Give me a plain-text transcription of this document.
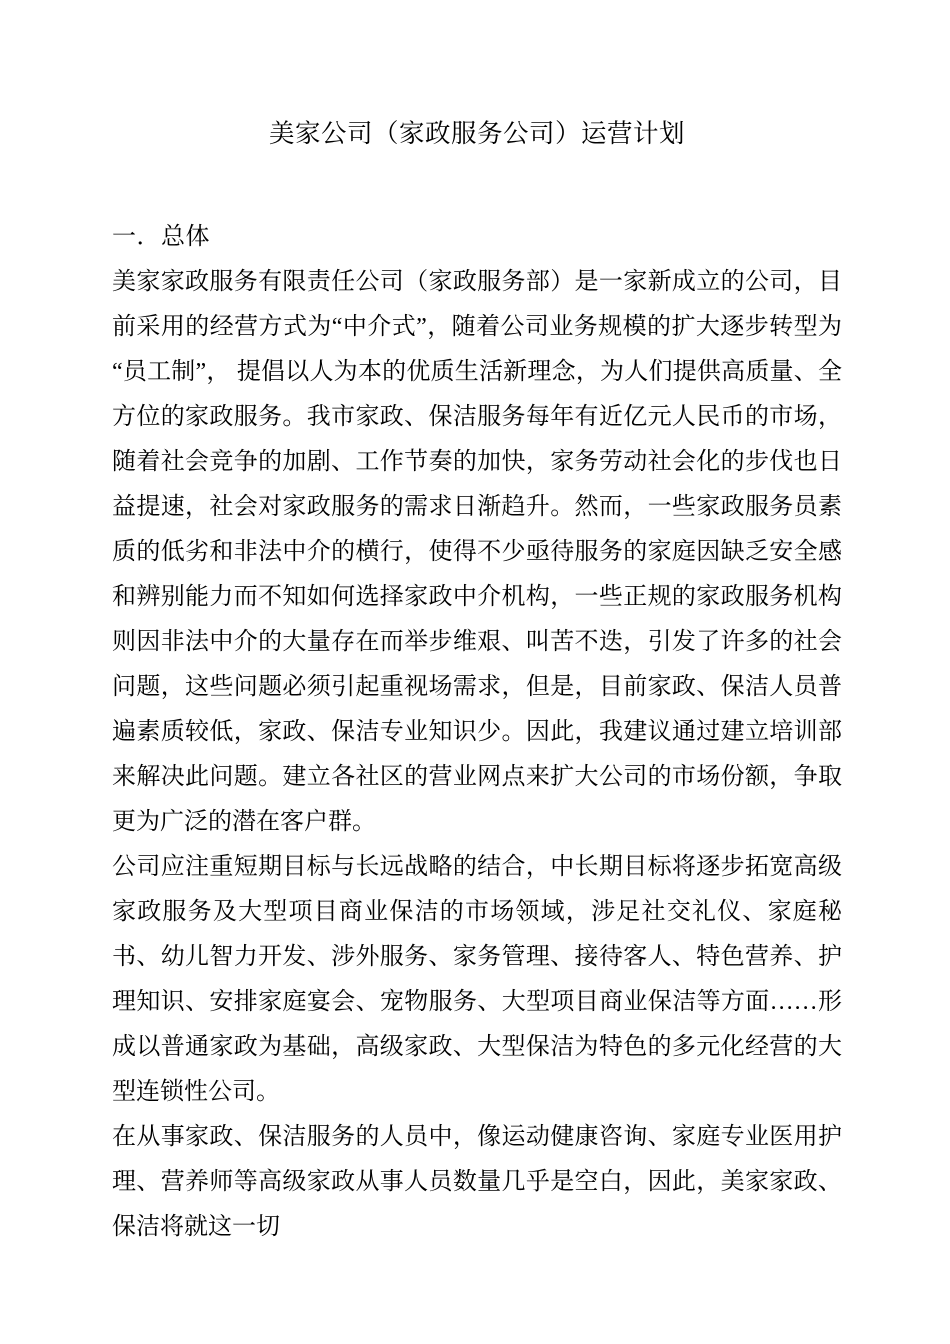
美家公司（家政服务公司）运营计划
一．总体

美家家政服务有限责任公司（家政服务部）是一家新成立的公司，目前采用的经营方式为“中介式”，随着公司业务规模的扩大逐步转型为“员工制”， 提倡以人为本的优质生活新理念，为人们提供高质量、全方位的家政服务。我市家政、保洁服务每年有近亿元人民币的市场，随着社会竞争的加剧、工作节奏的加快，家务劳动社会化的步伐也日益提速，社会对家政服务的需求日渐趋升。然而，一些家政服务员素质的低劣和非法中介的横行，使得不少亟待服务的家庭因缺乏安全感和辨别能力而不知如何选择家政中介机构，一些正规的家政服务机构则因非法中介的大量存在而举步维艰、叫苦不迭，引发了许多的社会问题，这些问题必须引起重视场需求，但是，目前家政、保洁人员普遍素质较低，家政、保洁专业知识少。因此，我建议通过建立培训部来解决此问题。建立各社区的营业网点来扩大公司的市场份额，争取更为广泛的潜在客户群。

公司应注重短期目标与长远战略的结合，中长期目标将逐步拓宽高级家政服务及大型项目商业保洁的市场领域，涉足社交礼仪、家庭秘书、幼儿智力开发、涉外服务、家务管理、接待客人、特色营养、护理知识、安排家庭宴会、宠物服务、大型项目商业保洁等方面……形成以普通家政为基础，高级家政、大型保洁为特色的多元化经营的大型连锁性公司。

在从事家政、保洁服务的人员中，像运动健康咨询、家庭专业医用护理、营养师等高级家政从事人员数量几乎是空白，因此，美家家政、保洁将就这一切
